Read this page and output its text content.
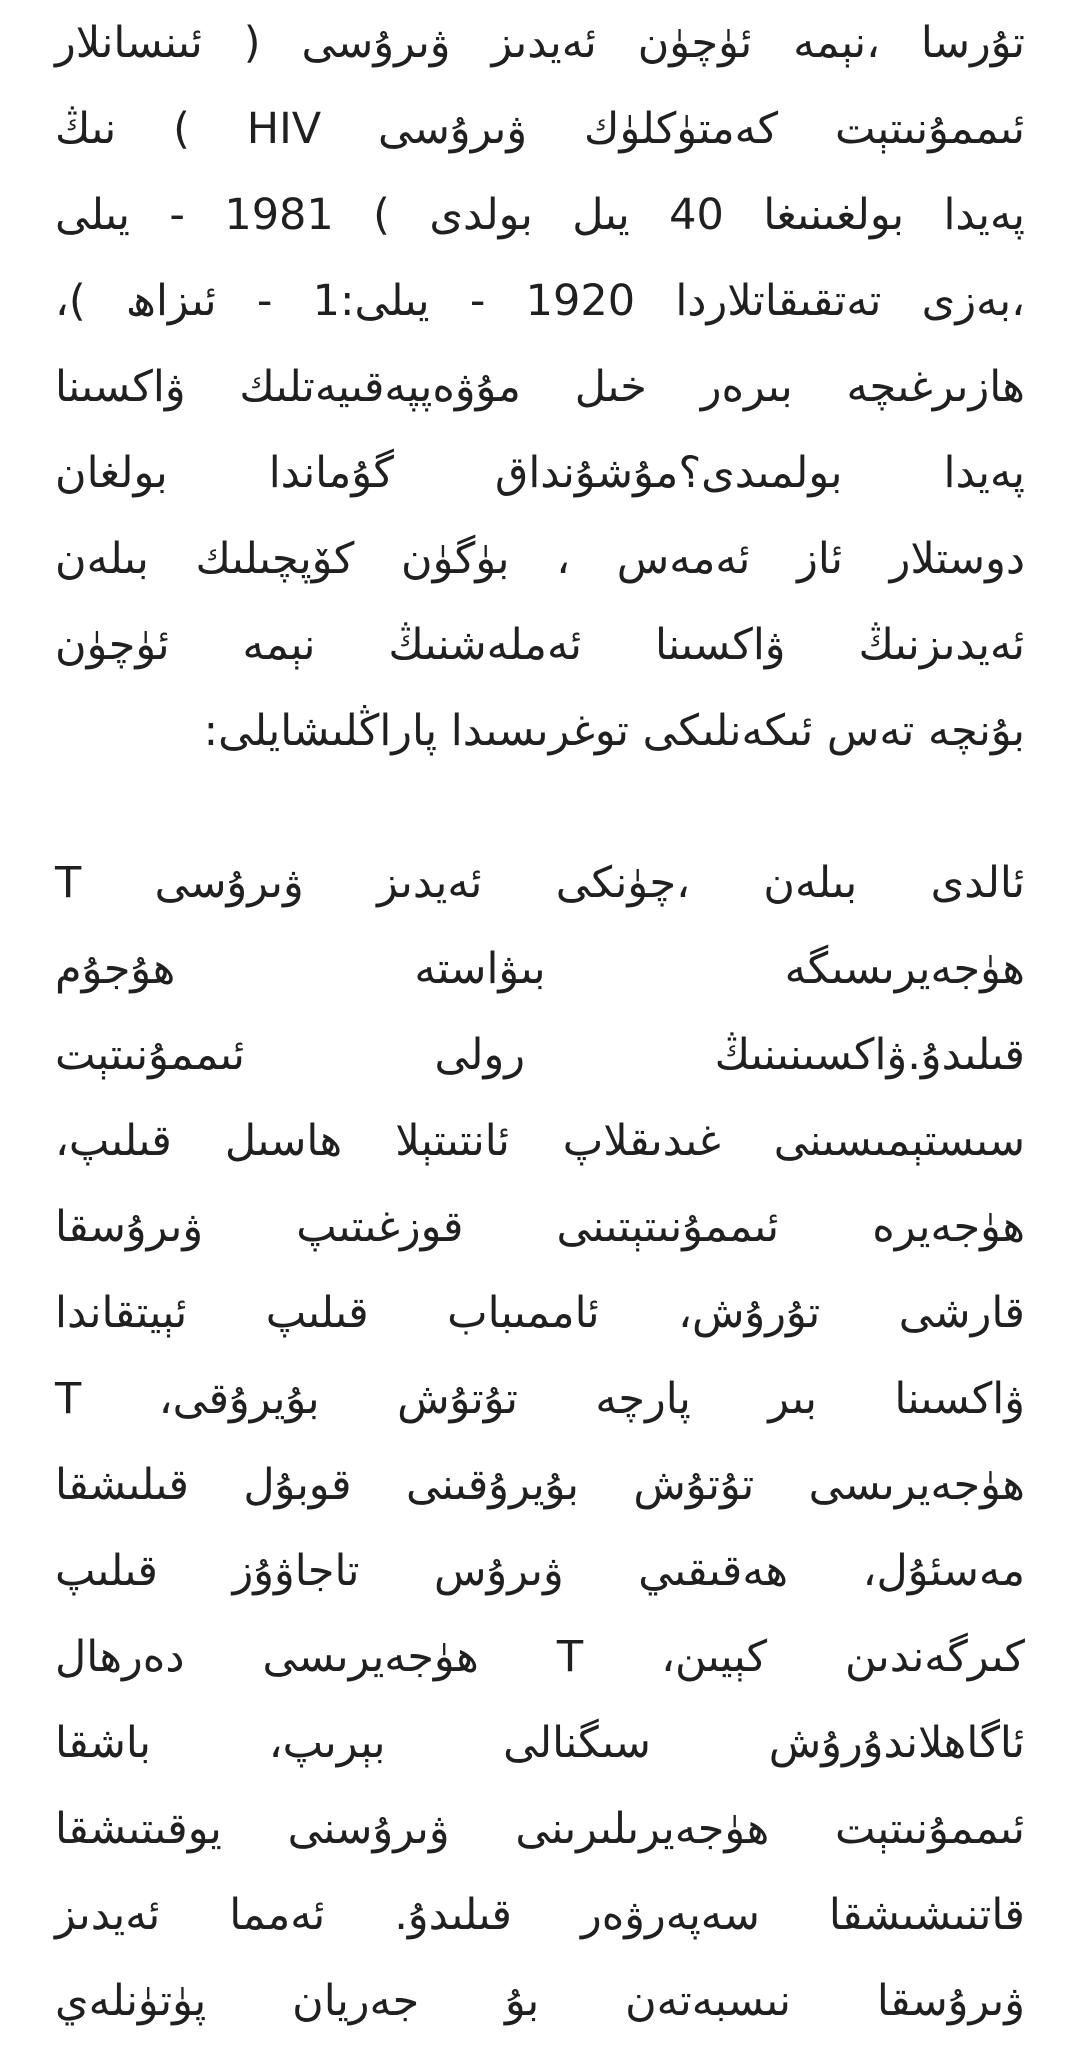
تۇرسا ،نېمە ئۈچۈن ئەيدىز ۋىرۇسى ( ئىنسانلار
ئىممۇنىتېت كەمتۈكلۈك ۋىرۇسى HIV ) نىڭ
پەيدا بولغىنىغا 40 يىل بولدى ) 1981 - يىلى
،بەزى تەتقىقاتلاردا 1920 - يىلى:1 - ئىزاھ )،
ھازىرغىچە بىرەر خىل مۇۋەپپەقىيەتلىك ۋاكسىنا
پەيدا بولمىدى؟مۇشۇنداق گۇماندا بولغان
دوستلار ئاز ئەمەس ، بۈگۈن كۆپچىلىك بىلەن
ئەيدىزنىڭ ۋاكسىنا ئەملەشنىڭ نېمە ئۈچۈن
بۇنچە تەس ئىكەنلىكى توغرىسىدا پاراڭلىشايلى:
ئالدى بىلەن ،چۈنكى ئەيدىز ۋىرۇسى T
ھۈجەيرىسىگە بىۋاستە ھۇجۇم
قىلىدۇ.ۋاكسىنىنىڭ رولى ئىممۇنىتېت
سىستېمىسىنى غىدىقلاپ ئانتىتېلا ھاسىل قىلىپ،
ھۈجەيرە ئىممۇنىتېتىنى قوزغىتىپ ۋىرۇسقا
قارشى تۇرۇش، ئاممىباب قىلىپ ئېيتقاندا
ۋاكسىنا بىر پارچە تۇتۇش بۇيرۇقى، T
ھۈجەيرىسى تۇتۇش بۇيرۇقىنى قوبۇل قىلىشقا
مەسئۇل، ھەقىقىي ۋىرۇس تاجاۋۇز قىلىپ
كىرگەندىن كېيىن، T ھۈجەيرىسى دەرھال
ئاگاھلاندۇرۇش سىگنالى بېرىپ، باشقا
ئىممۇنىتېت ھۈجەيرىلىرىنى ۋىرۇسنى يوقىتىشقا
قاتنىشىشقا سەپەرۋەر قىلىدۇ. ئەمما ئەيدىز
ۋىرۇسقا نىسبەتەن بۇ جەريان پۈتۈنلەي
